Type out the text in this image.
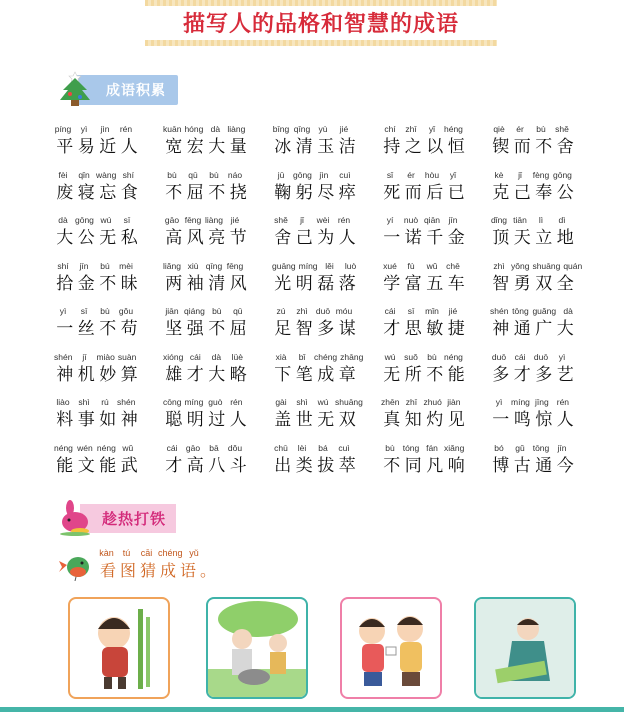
描写人的品格和智慧的成语
成语积累
píng	yì	jìn	rén
平 易 近 人
kuān hóng dà liàng
宽 宏 大 量
bīng qīng yù	jié
冰 清 玉 洁
chí	zhī	yǐ	héng
持 之 以 恒
qiè	ér	bù	shě
锲 而 不 舍
fèi	qǐn wàng shí
废 寝 忘 食
bù	qū	bù	náo
不 屈 不 挠
jū	gōng jìn	cuì
鞠 躬 尽 瘁
sǐ	ér	hòu	yǐ
死 而 后 已
kè	jǐ	fèng gōng
克 己 奉 公
dà gōng wú	sī
大 公 无 私
gāo fēng liàng jié
高 风 亮 节
shě	jǐ	wèi rén
舍 己 为 人
yí	nuò qiān jīn
一 诺 千 金
dǐng tiān	lì	dì
顶 天 立 地
shí	jīn	bú	mèi
拾 金 不 昧
liǎng xiù qīng fēng
两 袖 清 风
guāng míng lěi	luò
光 明 磊 落
xué	fù	wǔ	chē
学 富 五 车
zhì yǒng shuāng quán
智 勇 双 全
yì	sī	bù	gǒu
一 丝 不 苟
jiān qiáng bù	qū
坚 强 不 屈
zú	zhì duō móu
足 智 多 谋
cái	sī	mǐn	jié
才 思 敏 捷
shén tōng guǎng dà
神 通 广 大
shén	jī	miào suàn
神 机 妙 算
xióng cái	dà	lüè
雄 才 大 略
xià	bǐ	chéng zhāng
下 笔 成 章
wú	suǒ	bù néng
无 所 不 能
duō cái duō	yì
多 才 多 艺
liào	shì	rú shén
料 事 如 神
cōng míng guò rén
聪 明 过 人
gài	shì	wú shuāng
盖 世 无 双
zhēn zhī zhuó jiàn
真 知 灼 见
yì	míng jīng rén
一 鸣 惊 人
néng wén néng wǔ
能 文 能 武
cái gāo	bā	dǒu
才 高 八 斗
chū	lèi	bá	cuì
出 类 拔 萃
bù tóng fán xiǎng
不 同 凡 响
bó	gǔ tōng jīn
博 古 通 今
趁热打铁
kàn tú	cāi chéng yǔ
看 图 猜 成 语 。
